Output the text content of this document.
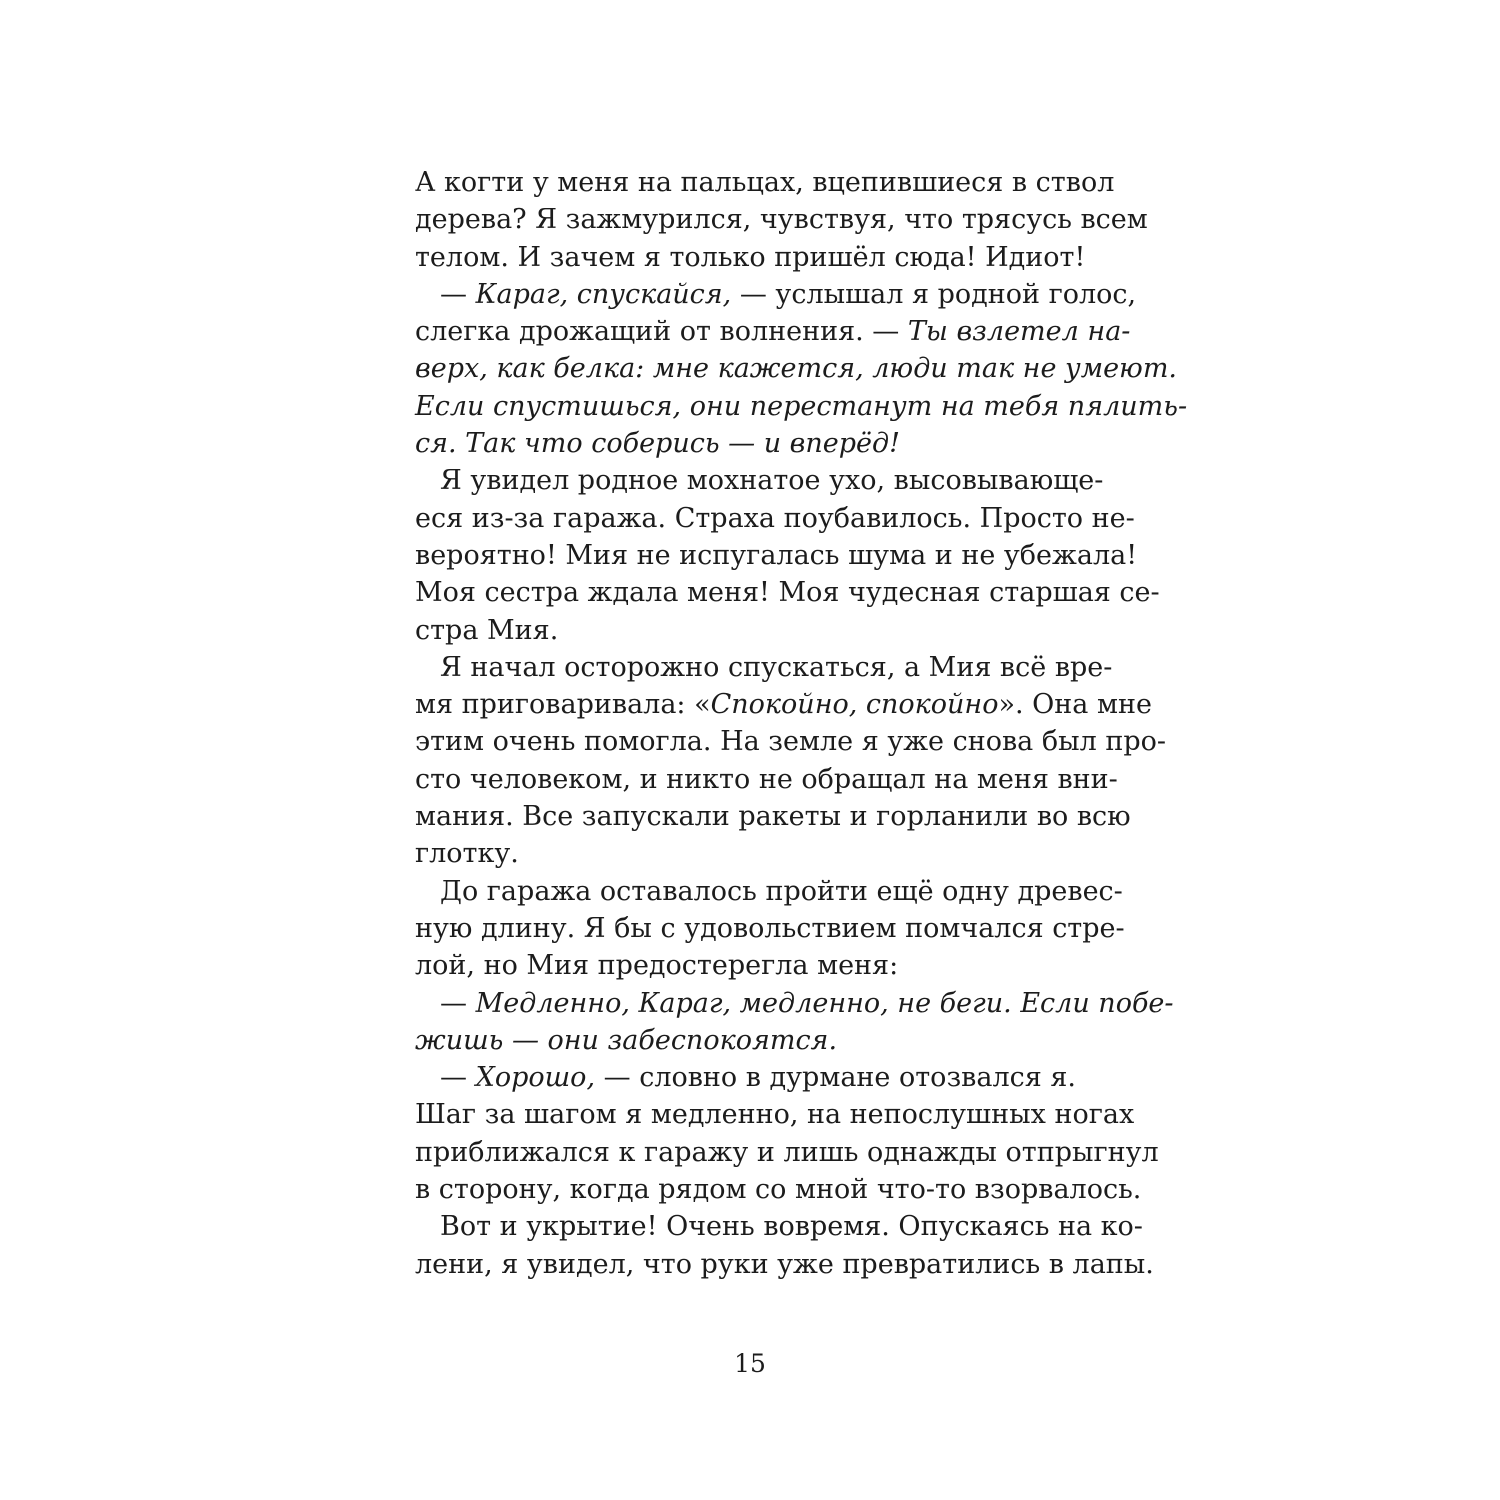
А когти у меня на пальцах, вцепившиеся в ствол
дерева? Я зажмурился, чувствуя, что трясусь всем
телом. И зачем я только пришёл сюда! Идиот!
— Караг, спускайся, — услышал я родной голос,
слегка дрожащий от волнения. — Ты взлетел на-
верх, как белка: мне кажется, люди так не умеют.
Если спустишься, они перестанут на тебя пялить-
ся. Так что соберись — и вперёд!
Я увидел родное мохнатое ухо, высовывающе-
еся из-за гаража. Страха поубавилось. Просто не-
вероятно! Мия не испугалась шума и не убежала!
Моя сестра ждала меня! Моя чудесная старшая се-
стра Мия.
Я начал осторожно спускаться, а Мия всё вре-
мя приговаривала: «Спокойно, спокойно». Она мне
этим очень помогла. На земле я уже снова был про-
сто человеком, и никто не обращал на меня вни-
мания. Все запускали ракеты и горланили во всю
глотку.
До гаража оставалось пройти ещё одну древес-
ную длину. Я бы с удовольствием помчался стре-
лой, но Мия предостерегла меня:
— Медленно, Караг, медленно, не беги. Если побе-
жишь — они забеспокоятся.
— Хорошо, — словно в дурмане отозвался я.
Шаг за шагом я медленно, на непослушных ногах
приближался к гаражу и лишь однажды отпрыгнул
в сторону, когда рядом со мной что-то взорвалось.
Вот и укрытие! Очень вовремя. Опускаясь на ко-
лени, я увидел, что руки уже превратились в лапы.
15
